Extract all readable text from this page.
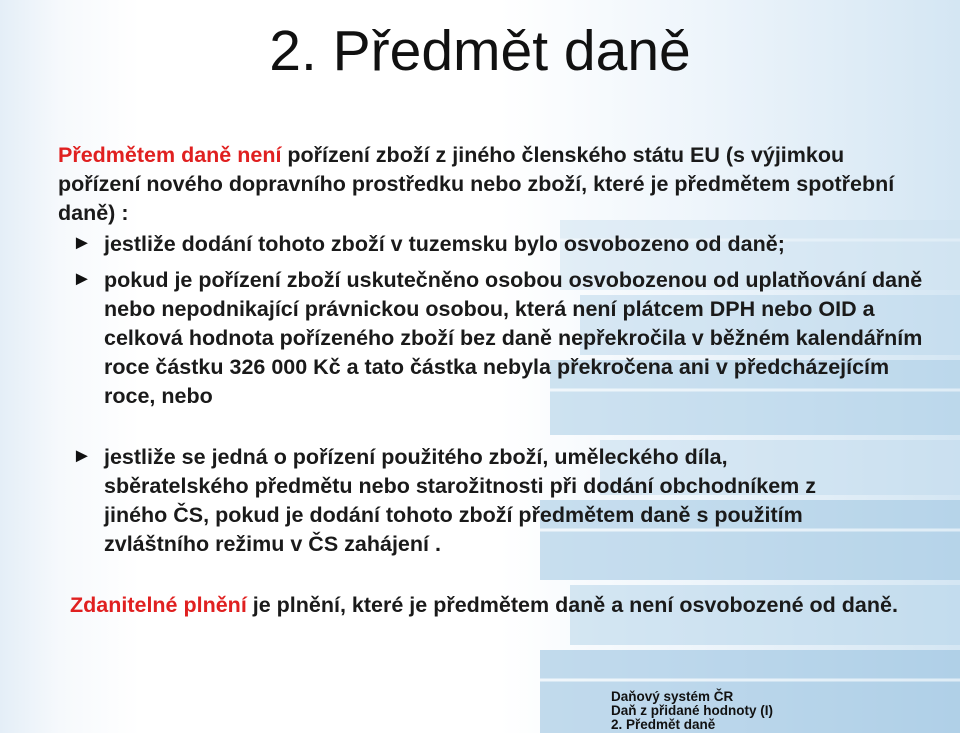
2. Předmět daně
Předmětem daně není pořízení zboží z jiného členského státu EU (s výjimkou pořízení nového dopravního prostředku nebo zboží, které je předmětem spotřební daně) :
► jestliže dodání tohoto zboží v tuzemsku bylo osvobozeno od daně;
► pokud je pořízení zboží uskutečněno osobou osvobozenou od uplatňování daně nebo nepodnikající právnickou osobou, která není plátcem DPH nebo OID a celková hodnota pořízeného zboží bez daně nepřekročila v běžném kalendářním roce částku 326 000 Kč a tato částka nebyla překročena ani v předcházejícím roce, nebo
► jestliže se jedná o pořízení použitého zboží, uměleckého díla, sběratelského předmětu nebo starožitnosti při dodání obchodníkem z jiného ČS, pokud je dodání tohoto zboží předmětem daně s použitím zvláštního režimu v ČS zahájení .
Zdanitelné plnění je plnění, které je předmětem daně a není osvobozené od daně.
Daňový systém ČR
Daň z přidané hodnoty (I)
2. Předmět daně
